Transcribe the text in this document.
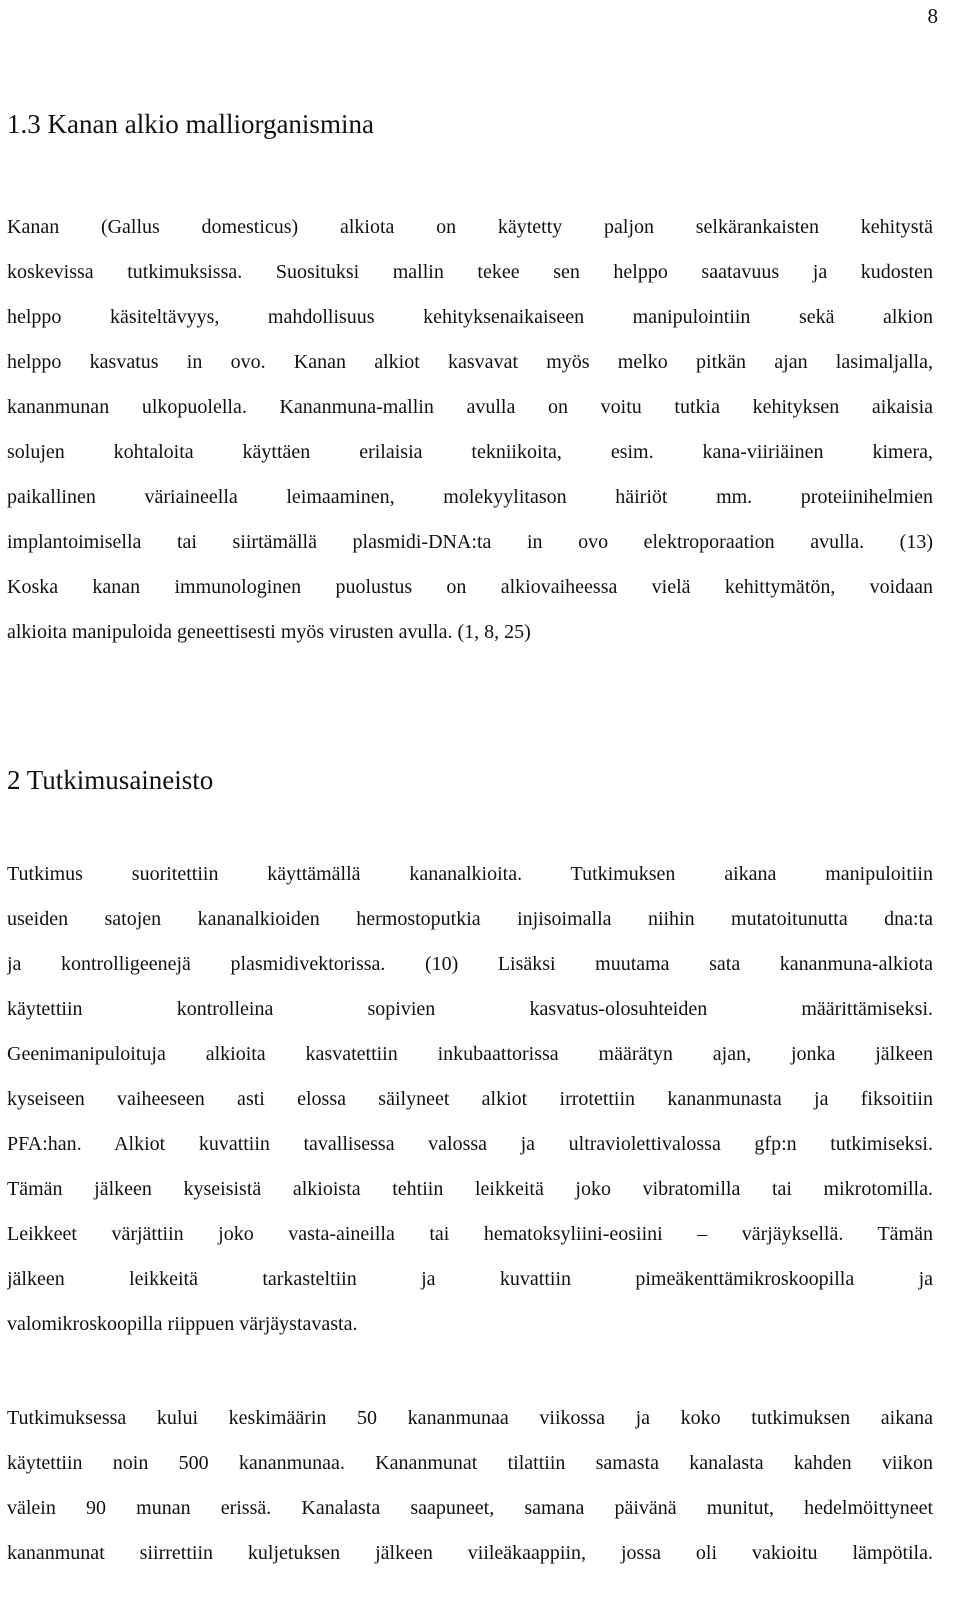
8
1.3 Kanan alkio malliorganismina
Kanan (Gallus domesticus) alkiota on käytetty paljon selkärankaisten kehitystä
koskevissa tutkimuksissa. Suosituksi mallin tekee sen helppo saatavuus ja kudosten
helppo käsiteltävyys, mahdollisuus kehityksenaikaiseen manipulointiin sekä alkion
helppo kasvatus in ovo. Kanan alkiot kasvavat myös melko pitkän ajan lasimaljalla,
kananmunan ulkopuolella. Kananmuna-mallin avulla on voitu tutkia kehityksen aikaisia
solujen kohtaloita käyttäen erilaisia tekniikoita, esim. kana-viiriäinen kimera,
paikallinen väriaineella leimaaminen, molekyylitason häiriöt mm. proteiinihelmien
implantoimisella tai siirtämällä plasmidi-DNA:ta in ovo elektroporaation avulla. (13)
Koska kanan immunologinen puolustus on alkiovaiheessa vielä kehittymätön, voidaan
alkioita manipuloida geneettisesti myös virusten avulla. (1, 8, 25)
2 Tutkimusaineisto
Tutkimus suoritettiin käyttämällä kananalkioita. Tutkimuksen aikana manipuloitiin
useiden satojen kananalkioiden hermostoputkia injisoimalla niihin mutatoitunutta dna:ta
ja kontrolligeenejä plasmidivektorissa. (10) Lisäksi muutama sata kananmuna-alkiota
käytettiin kontrolleina sopivien kasvatus-olosuhteiden määrittämiseksi.
Geenimanipuloituja alkioita kasvatettiin inkubaattorissa määrätyn ajan, jonka jälkeen
kyseiseen vaiheeseen asti elossa säilyneet alkiot irrotettiin kananmunasta ja fiksoitiin
PFA:han. Alkiot kuvattiin tavallisessa valossa ja ultraviolettivalossa gfp:n tutkimiseksi.
Tämän jälkeen kyseisistä alkioista tehtiin leikkeitä joko vibratomilla tai mikrotomilla.
Leikkeet värjättiin joko vasta-aineilla tai hematoksyliini-eosiini – värjäyksellä. Tämän
jälkeen leikkeitä tarkasteltiin ja kuvattiin pimeäkenttämikroskoopilla ja
valomikroskoopilla riippuen värjäystavasta.
Tutkimuksessa kului keskimäärin 50 kananmunaa viikossa ja koko tutkimuksen aikana
käytettiin noin 500 kananmunaa. Kananmunat tilattiin samasta kanalasta kahden viikon
välein 90 munan erissä. Kanalasta saapuneet, samana päivänä munitut, hedelmöittyneet
kananmunat siirrettiin kuljetuksen jälkeen viileäkaappiin, jossa oli vakioitu lämpötila.
